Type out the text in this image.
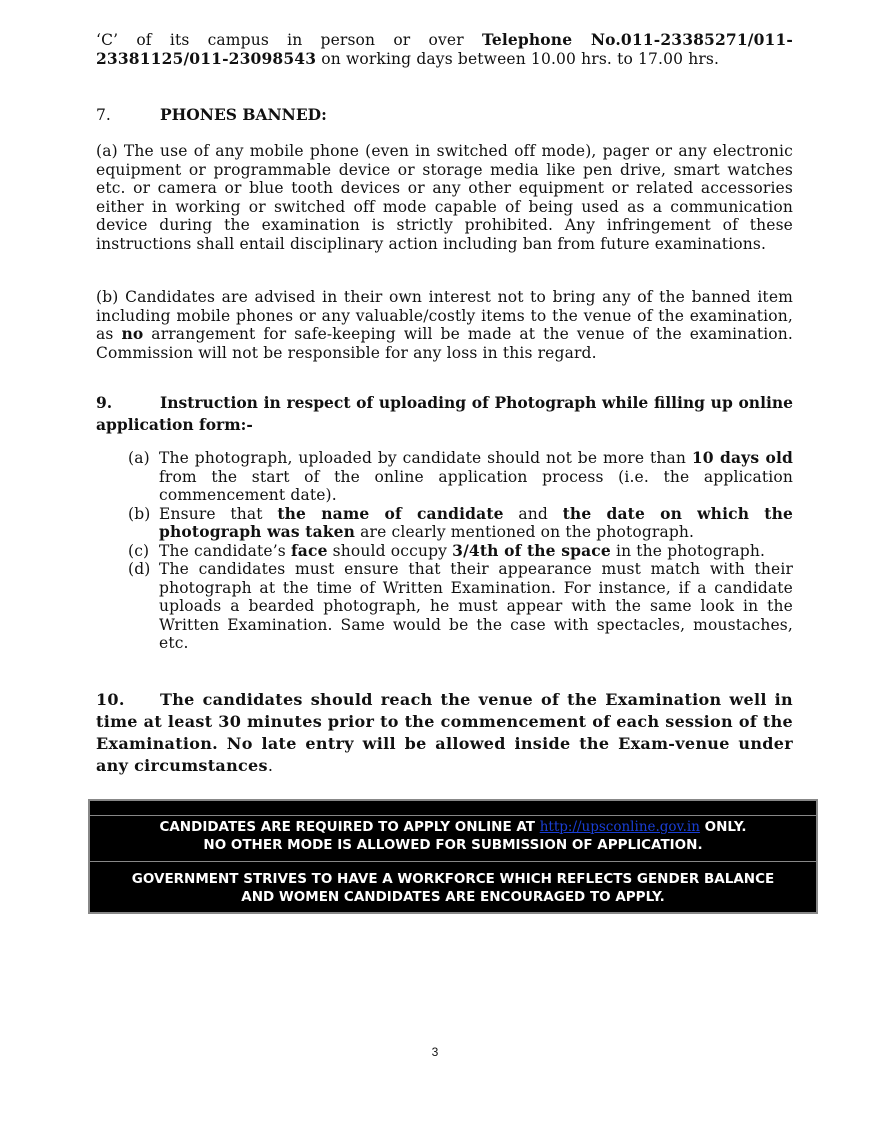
‘C’ of its campus in person or over Telephone No.011-23385271/011-23381125/011-23098543 on working days between 10.00 hrs. to 17.00 hrs.

7.	PHONES BANNED:

(a) The use of any mobile phone (even in switched off mode), pager or any electronic equipment or programmable device or storage media like pen drive, smart watches etc. or camera or blue tooth devices or any other equipment or related accessories either in working or switched off mode capable of being used as a communication device during the examination is strictly prohibited. Any infringement of these instructions shall entail disciplinary action including ban from future examinations.

(b) Candidates are advised in their own interest not to bring any of the banned item including mobile phones or any valuable/costly items to the venue of the examination, as no arrangement for safe-keeping will be made at the venue of the examination. Commission will not be responsible for any loss in this regard.

9.	Instruction in respect of uploading of Photograph while filling up online application form:-

(a) The photograph, uploaded by candidate should not be more than 10 days old from the start of the online application process (i.e. the application commencement date).
(b) Ensure that the name of candidate and the date on which the photograph was taken are clearly mentioned on the photograph.
(c) The candidate’s face should occupy 3/4th of the space in the photograph.
(d) The candidates must ensure that their appearance must match with their photograph at the time of Written Examination. For instance, if a candidate uploads a bearded photograph, he must appear with the same look in the Written Examination. Same would be the case with spectacles, moustaches, etc.

10. The candidates should reach the venue of the Examination well in time at least 30 minutes prior to the commencement of each session of the Examination. No late entry will be allowed inside the Exam-venue under any circumstances.

CANDIDATES ARE REQUIRED TO APPLY ONLINE AT http://upsconline.gov.in ONLY.
NO OTHER MODE IS ALLOWED FOR SUBMISSION OF APPLICATION.
GOVERNMENT STRIVES TO HAVE A WORKFORCE WHICH REFLECTS GENDER BALANCE
AND WOMEN CANDIDATES ARE ENCOURAGED TO APPLY.
3
